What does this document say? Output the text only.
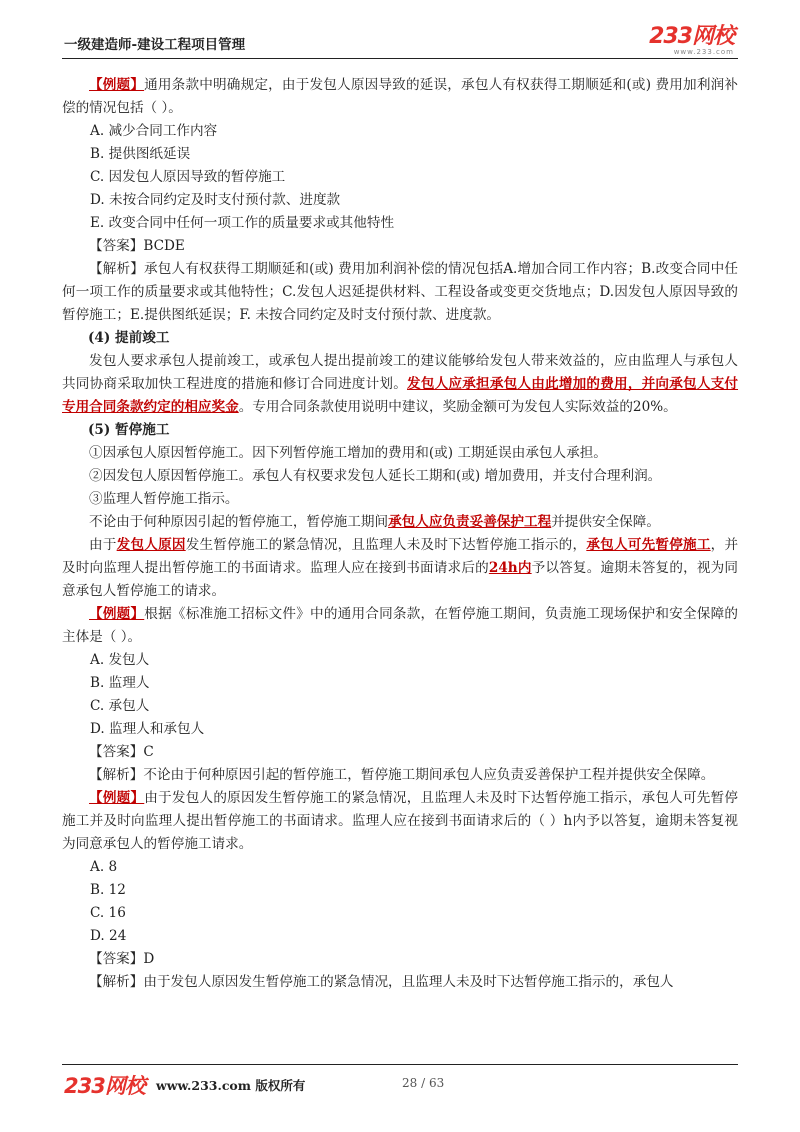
一级建造师-建设工程项目管理	233网校
www.233.com

【例题】通用条款中明确规定，由于发包人原因导致的延误，承包人有权获得工期顺延和(或) 费用加利润补偿的情况包括（ ）。

A. 减少合同工作内容

B. 提供图纸延误

C. 因发包人原因导致的暂停施工

D. 未按合同约定及时支付预付款、进度款

E. 改变合同中任何一项工作的质量要求或其他特性

【答案】BCDE

【解析】承包人有权获得工期顺延和(或) 费用加利润补偿的情况包括A.增加合同工作内容；B.改变合同中任何一项工作的质量要求或其他特性；C.发包人迟延提供材料、工程设备或变更交货地点；D.因发包人原因导致的暂停施工；E.提供图纸延误；F. 未按合同约定及时支付预付款、进度款。

(4) 提前竣工

发包人要求承包人提前竣工，或承包人提出提前竣工的建议能够给发包人带来效益的，应由监理人与承包人共同协商采取加快工程进度的措施和修订合同进度计划。发包人应承担承包人由此增加的费用，并向承包人支付专用合同条款约定的相应奖金。专用合同条款使用说明中建议，奖励金额可为发包人实际效益的20%。

(5) 暂停施工

①因承包人原因暂停施工。因下列暂停施工增加的费用和(或) 工期延误由承包人承担。

②因发包人原因暂停施工。承包人有权要求发包人延长工期和(或) 增加费用，并支付合理利润。

③监理人暂停施工指示。

不论由于何种原因引起的暂停施工，暂停施工期间承包人应负责妥善保护工程并提供安全保障。

由于发包人原因发生暂停施工的紧急情况，且监理人未及时下达暂停施工指示的，承包人可先暂停施工，并及时向监理人提出暂停施工的书面请求。监理人应在接到书面请求后的24h内予以答复。逾期未答复的，视为同意承包人暂停施工的请求。

【例题】根据《标准施工招标文件》中的通用合同条款，在暂停施工期间，负责施工现场保护和安全保障的主体是（ ）。

A. 发包人

B. 监理人

C. 承包人

D. 监理人和承包人

【答案】C

【解析】不论由于何种原因引起的暂停施工，暂停施工期间承包人应负责妥善保护工程并提供安全保障。

【例题】由于发包人的原因发生暂停施工的紧急情况，且监理人未及时下达暂停施工指示，承包人可先暂停施工并及时向监理人提出暂停施工的书面请求。监理人应在接到书面请求后的（ ）h内予以答复，逾期未答复视为同意承包人的暂停施工请求。

A. 8

B. 12

C. 16

D. 24

【答案】D

【解析】由于发包人原因发生暂停施工的紧急情况，且监理人未及时下达暂停施工指示的，承包人

233网校 www.233.com 版权所有	28 / 63
